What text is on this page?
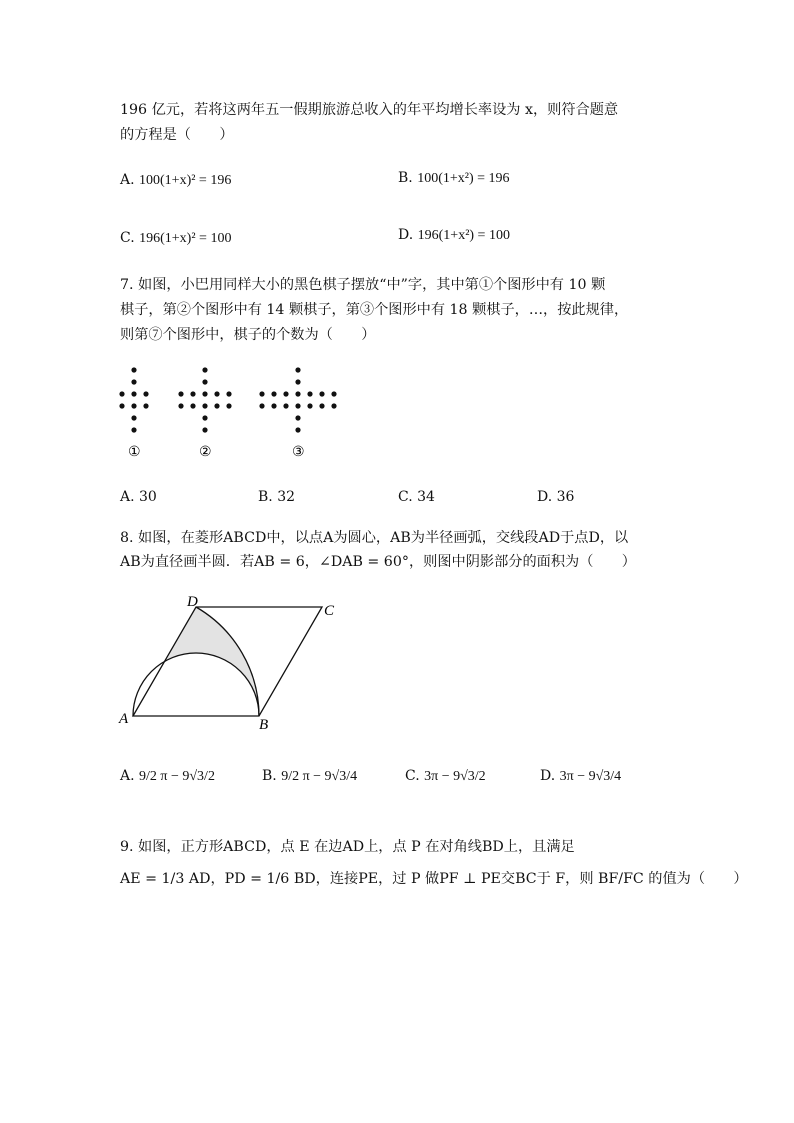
196 亿元，若将这两年五一假期旅游总收入的年平均增长率设为 x，则符合题意
的方程是（　　）
A. 100(1+x)² = 196	B. 100(1+x²) = 196
C. 196(1+x)² = 100	D. 196(1+x²) = 100
7. 如图，小巴用同样大小的黑色棋子摆放“中”字，其中第①个图形中有 10 颗
棋子，第②个图形中有 14 颗棋子，第③个图形中有 18 颗棋子，…，按此规律，
则第⑦个图形中，棋子的个数为（　　）
①	②	③
A. 30	B. 32	C. 34	D. 36
8. 如图，在菱形ABCD中，以点A为圆心，AB为半径画弧，交线段AD于点D，以
AB为直径画半圆．若AB = 6，∠DAB = 60°，则图中阴影部分的面积为（　　）
A	B
C
D
A. 9/2 π − 9√3/2	B. 9/2 π − 9√3/4	C. 3π − 9√3/2	D. 3π − 9√3/4
9. 如图，正方形ABCD，点 E 在边AD上，点 P 在对角线BD上，且满足
AE = 1/3 AD，PD = 1/6 BD，连接PE，过 P 做PF ⊥ PE交BC于 F，则 BF/FC 的值为（　　）
